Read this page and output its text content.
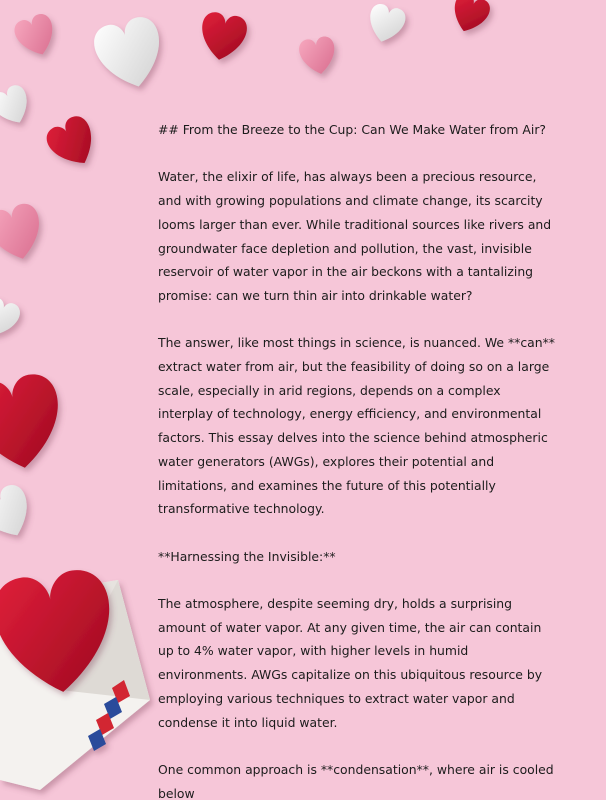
## From the Breeze to the Cup: Can We Make Water from Air?

Water, the elixir of life, has always been a precious resource, and with growing populations and climate change, its scarcity looms larger than ever. While traditional sources like rivers and groundwater face depletion and pollution, the vast, invisible reservoir of water vapor in the air beckons with a tantalizing promise: can we turn thin air into drinkable water?

The answer, like most things in science, is nuanced. We **can** extract water from air, but the feasibility of doing so on a large scale, especially in arid regions, depends on a complex interplay of technology, energy efficiency, and environmental factors. This essay delves into the science behind atmospheric water generators (AWGs), explores their potential and limitations, and examines the future of this potentially transformative technology.

**Harnessing the Invisible:**

The atmosphere, despite seeming dry, holds a surprising amount of water vapor. At any given time, the air can contain up to 4% water vapor, with higher levels in humid environments. AWGs capitalize on this ubiquitous resource by employing various techniques to extract water vapor and condense it into liquid water.

One common approach is **condensation**, where air is cooled below
